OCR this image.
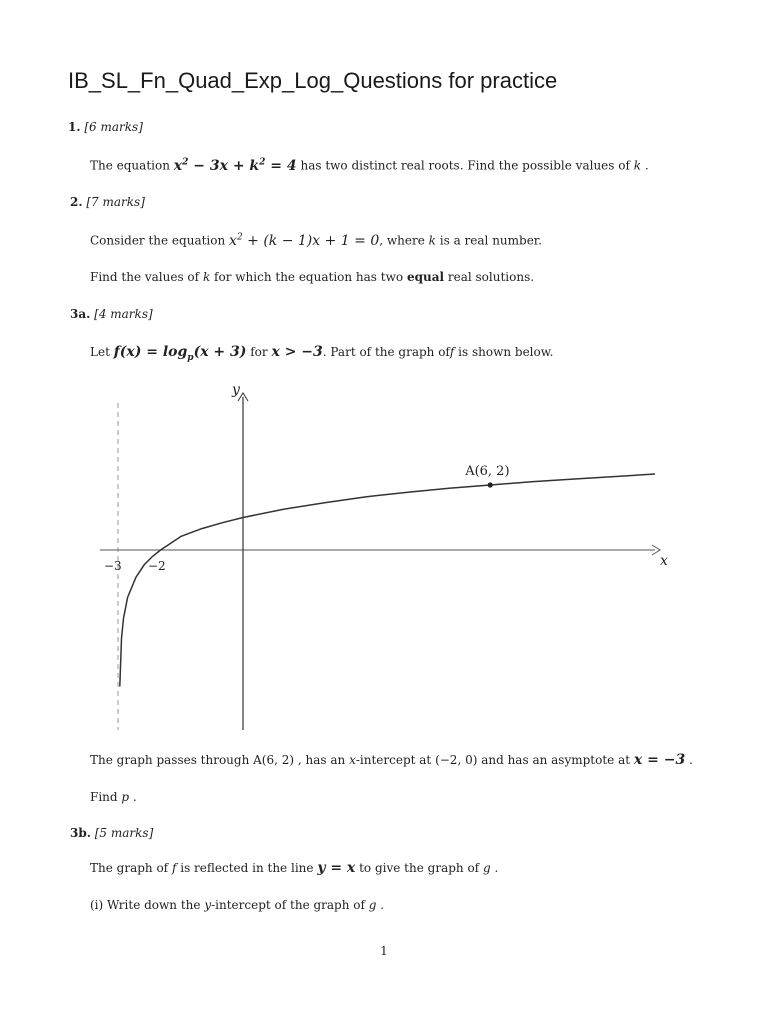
IB_SL_Fn_Quad_Exp_Log_Questions for practice
1. [6 marks]
The equation $x^2 - 3x + k^2 = 4$ has two distinct real roots. Find the possible values of k .
2. [7 marks]
Consider the equation $x^2 + (k - 1)x + 1 = 0$, where k is a real number.
Find the values of k for which the equation has two equal real solutions.
3a. [4 marks]
Let $f(x) = \log_p(x + 3)$ for x > −3. Part of the graph off is shown below.
y
x
−3 −2
A(6, 2)
The graph passes through A(6, 2) , has an x-intercept at (−2, 0) and has an asymptote at x = −3 .
Find p .
3b. [5 marks]
The graph of f is reflected in the line y = x to give the graph of g .
(i) Write down the y-intercept of the graph of g .
1
